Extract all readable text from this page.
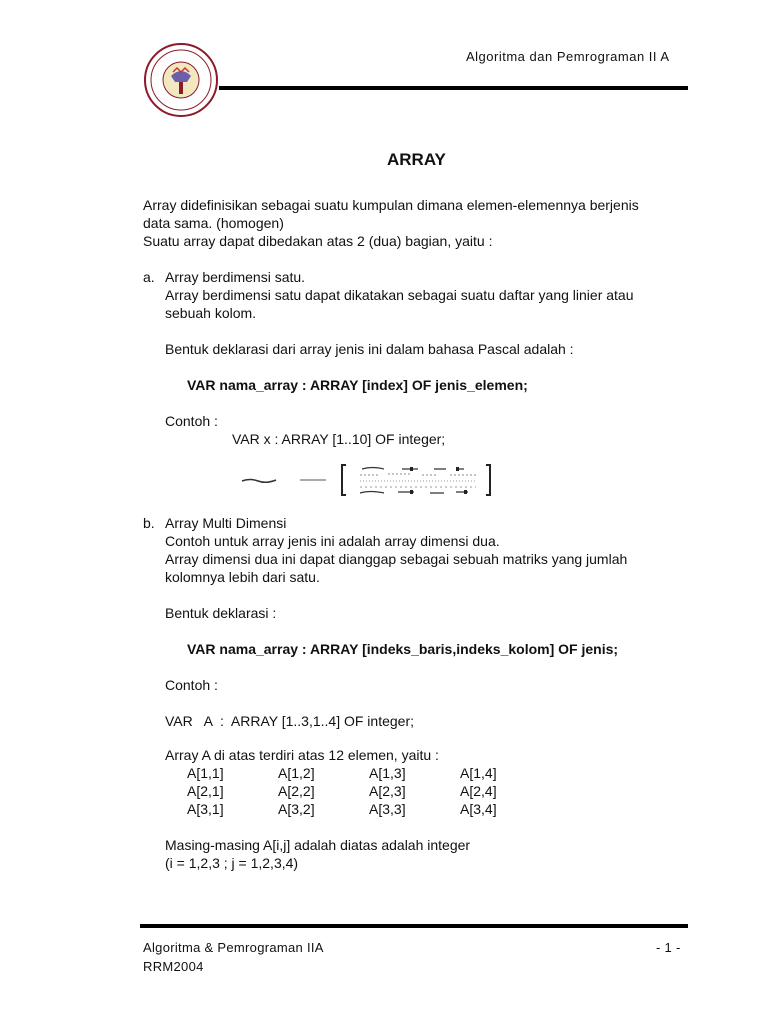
Algoritma dan Pemrograman II A
ARRAY
Array didefinisikan sebagai suatu kumpulan dimana elemen-elemennya berjenis
data sama. (homogen)
Suatu array dapat dibedakan atas 2 (dua) bagian, yaitu :
a. Array berdimensi satu.
Array berdimensi satu dapat dikatakan sebagai suatu daftar yang linier atau
sebuah kolom.
Bentuk deklarasi dari array jenis ini dalam bahasa Pascal adalah :
VAR nama_array : ARRAY [index] OF jenis_elemen;
Contoh :
VAR x : ARRAY [1..10] OF integer;
b. Array Multi Dimensi
Contoh untuk array jenis ini adalah array dimensi dua.
Array dimensi dua ini dapat dianggap sebagai sebuah matriks yang jumlah
kolomnya lebih dari satu.
Bentuk deklarasi :
VAR nama_array : ARRAY [indeks_baris,indeks_kolom] OF jenis;
Contoh :
VAR   A  :  ARRAY [1..3,1..4] OF integer;
Array A di atas terdiri atas 12 elemen, yaitu :
A[1,1]	A[1,2]	A[1,3]	A[1,4]
A[2,1]	A[2,2]	A[2,3]	A[2,4]
A[3,1]	A[3,2]	A[3,3]	A[3,4]
Masing-masing A[i,j] adalah diatas adalah integer
(i = 1,2,3 ; j = 1,2,3,4)
Algoritma & Pemrograman IIA
RRM2004
- 1 -
